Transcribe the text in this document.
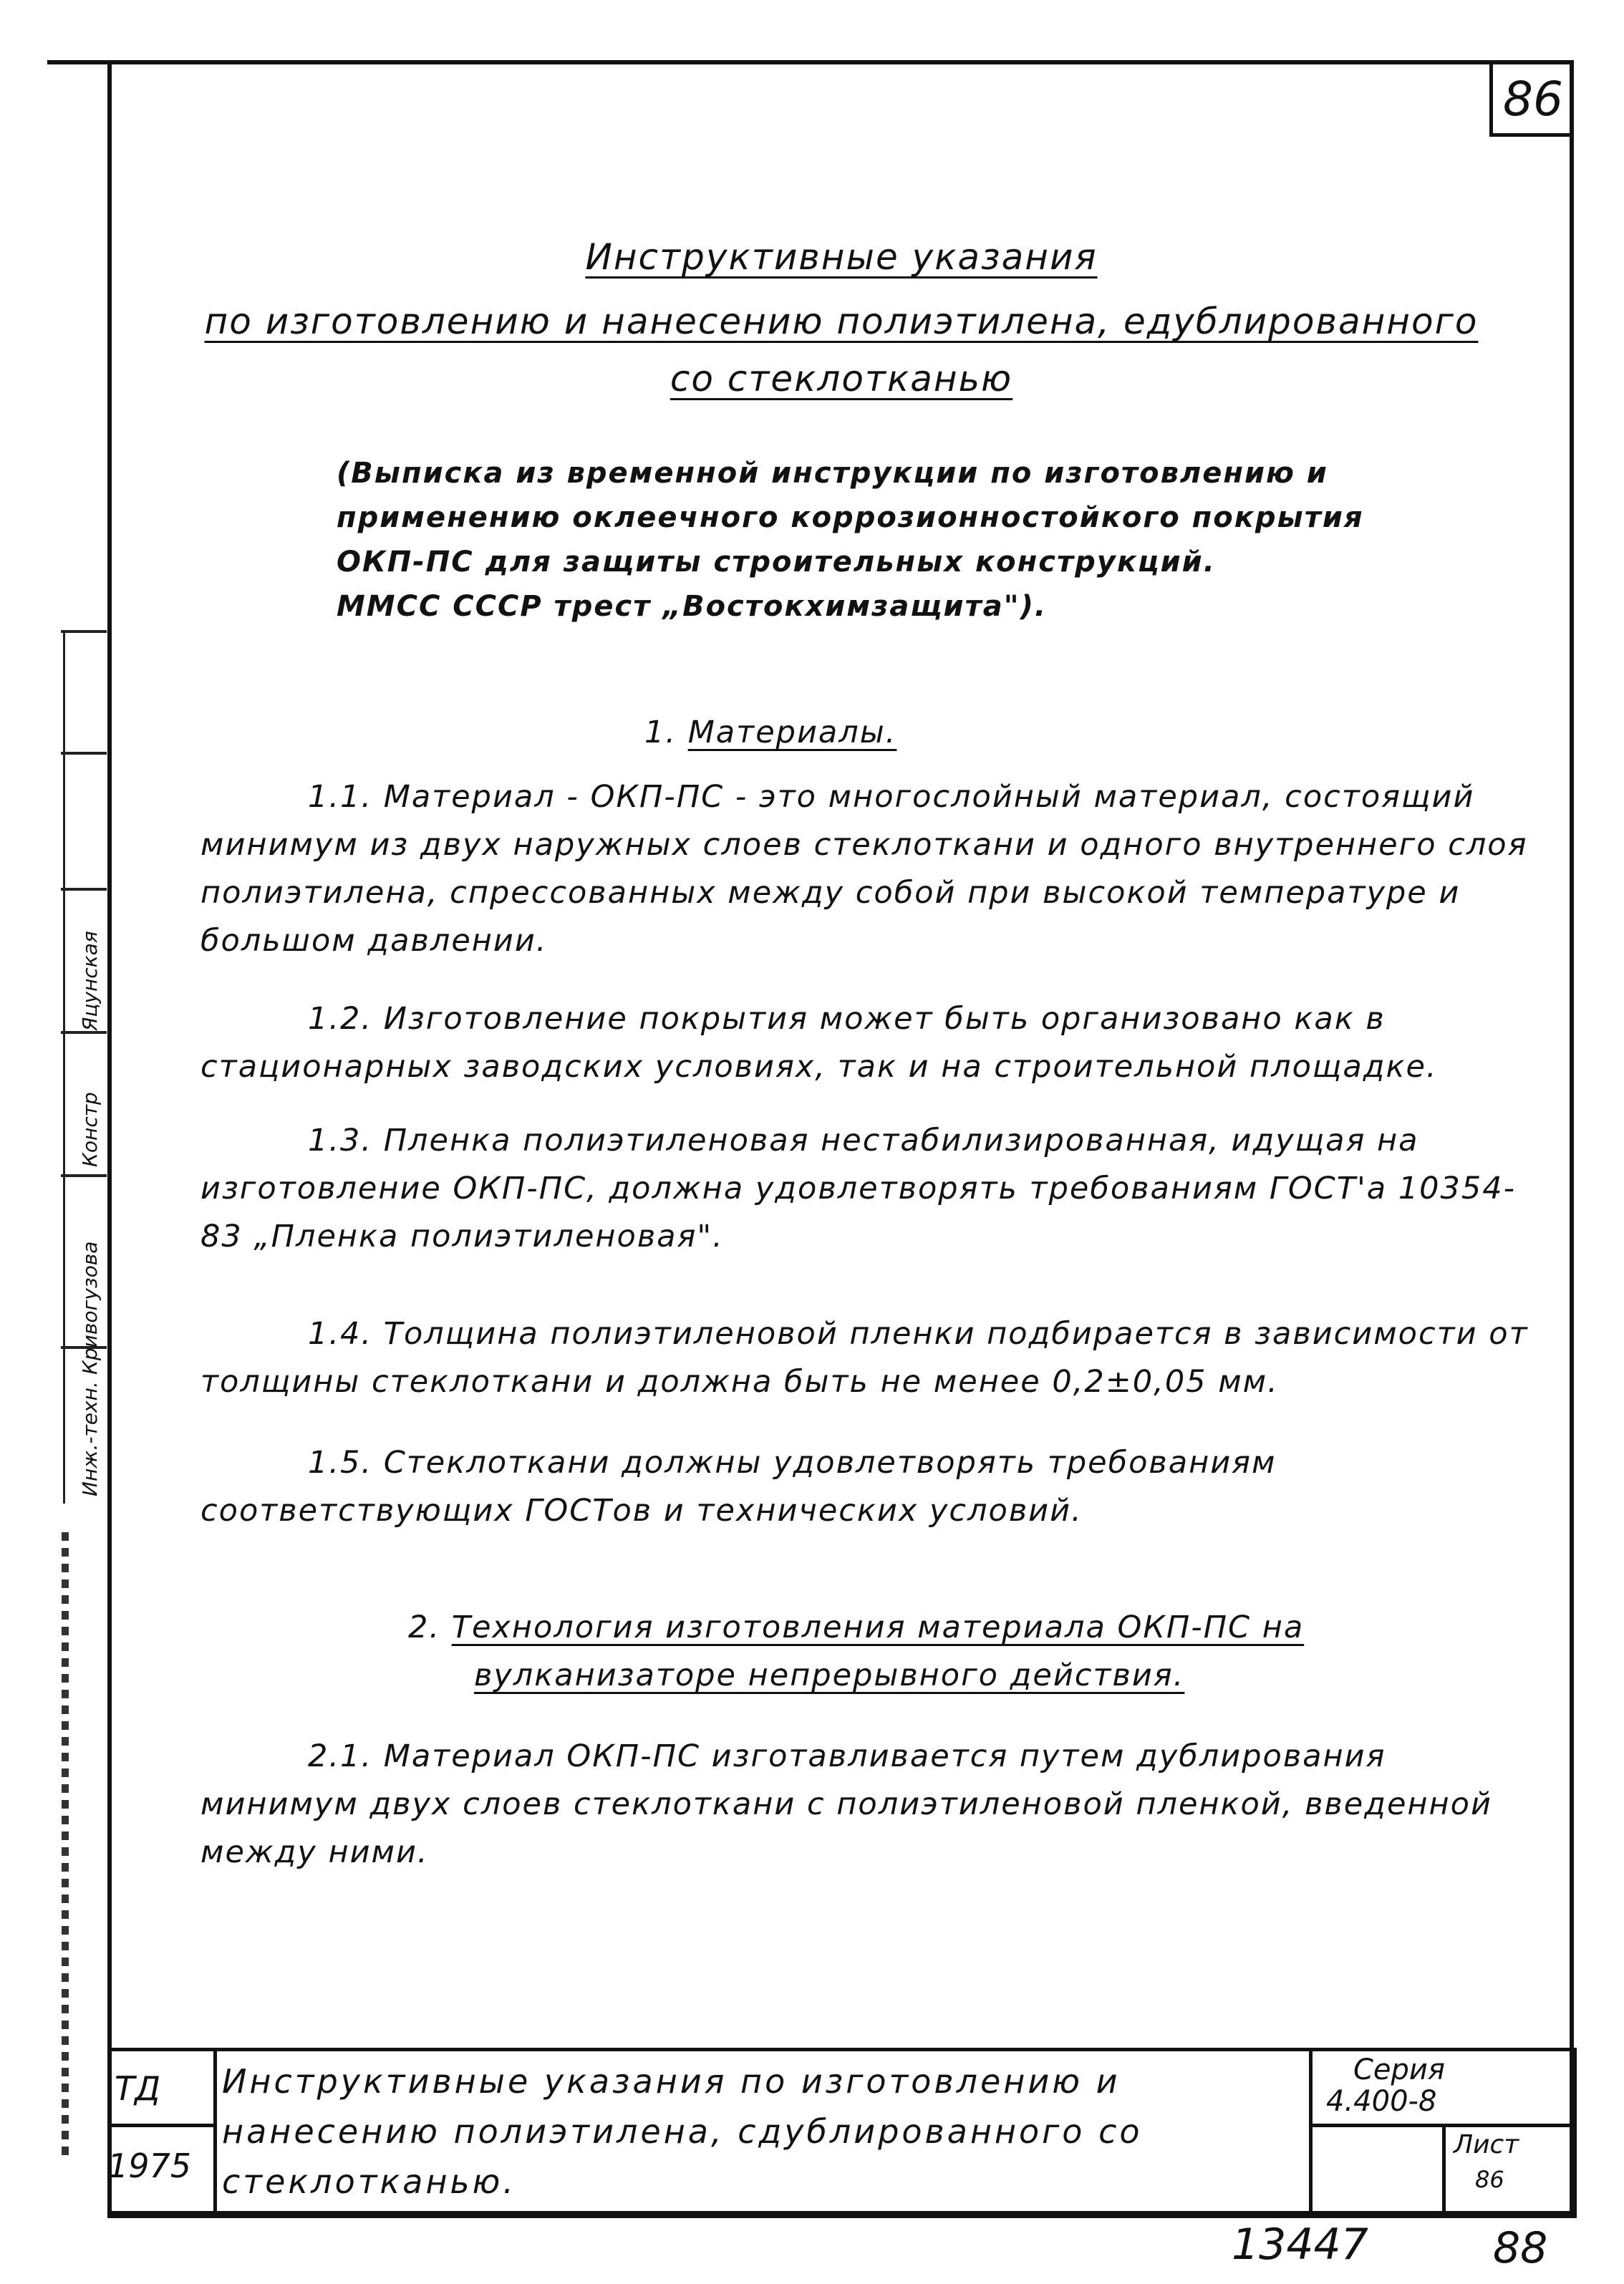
86
Инструктивные указания
по изготовлению и нанесению полиэтилена, едублированного
со стеклотканью
(Выписка из временной инструкции по изготовлению и
применению оклеечного коррозионностойкого покрытия
ОКП-ПС для защиты строительных конструкций.
ММСС СССР трест „Востокхимзащита").
1. Материалы.
1.1. Материал - ОКП-ПС - это многослойный материал, состоящий минимум из двух наружных слоев стеклоткани и одного внутреннего слоя полиэтилена, спрессованных между собой при высокой температуре и большом давлении.
1.2. Изготовление покрытия может быть организовано как в стационарных заводских условиях, так и на строительной площадке.
1.3. Пленка полиэтиленовая нестабилизированная, идущая на изготовление ОКП-ПС, должна удовлетворять требованиям ГОСТ'а 10354-83 „Пленка полиэтиленовая".
1.4. Толщина полиэтиленовой пленки подбирается в зависимости от толщины стеклоткани и должна быть не менее 0,2±0,05 мм.
1.5. Стеклоткани должны удовлетворять требованиям соответствующих ГОСТов и технических условий.
2. Технология изготовления материала ОКП-ПС на
вулканизаторе непрерывного действия.
2.1. Материал ОКП-ПС изготавливается путем дублирования минимум двух слоев стеклоткани с полиэтиленовой пленкой, введенной между ними.
Инж.-техн.
Кривогузова
Констр
Яцунская
ТД
1975
Инструктивные указания по изготовлению и
нанесению полиэтилена, сдублированного со
стеклотканью.
Серия
4.400-8
Лист
86
13447	88
